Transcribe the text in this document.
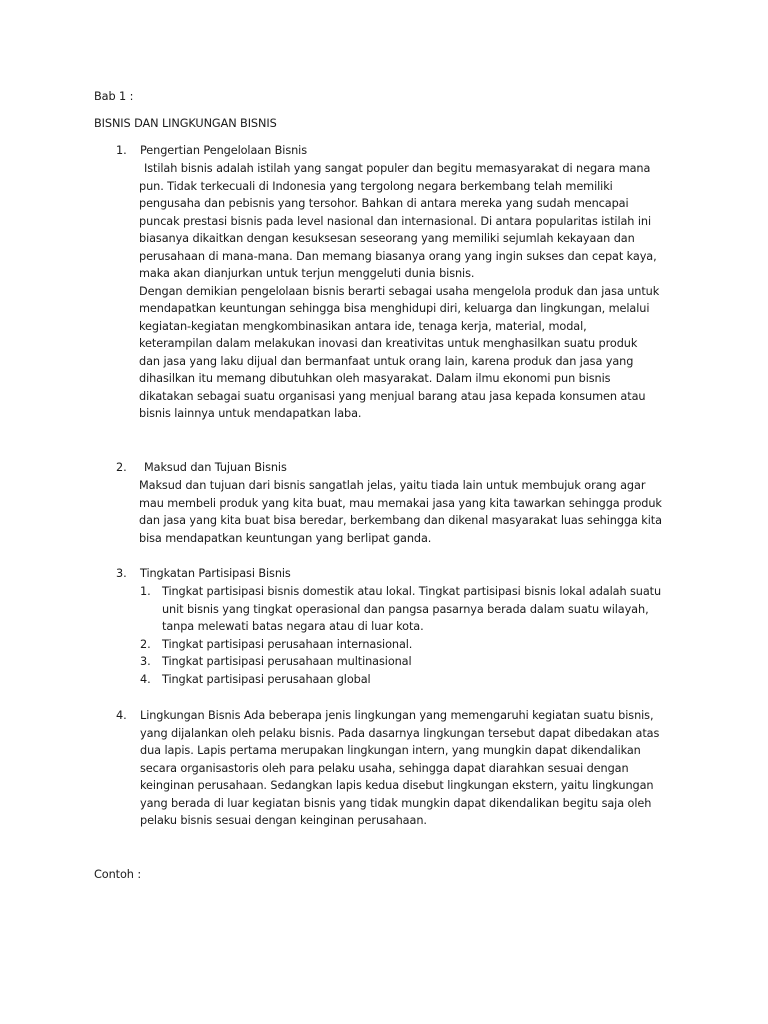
Bab 1 :
BISNIS DAN LINGKUNGAN BISNIS
1. Pengertian Pengelolaan Bisnis
Istilah bisnis adalah istilah yang sangat populer dan begitu memasyarakat di negara mana
pun. Tidak terkecuali di Indonesia yang tergolong negara berkembang telah memiliki
pengusaha dan pebisnis yang tersohor. Bahkan di antara mereka yang sudah mencapai
puncak prestasi bisnis pada level nasional dan internasional. Di antara popularitas istilah ini
biasanya dikaitkan dengan kesuksesan seseorang yang memiliki sejumlah kekayaan dan
perusahaan di mana-mana. Dan memang biasanya orang yang ingin sukses dan cepat kaya,
maka akan dianjurkan untuk terjun menggeluti dunia bisnis.
Dengan demikian pengelolaan bisnis berarti sebagai usaha mengelola produk dan jasa untuk
mendapatkan keuntungan sehingga bisa menghidupi diri, keluarga dan lingkungan, melalui
kegiatan-kegiatan mengkombinasikan antara ide, tenaga kerja, material, modal,
keterampilan dalam melakukan inovasi dan kreativitas untuk menghasilkan suatu produk
dan jasa yang laku dijual dan bermanfaat untuk orang lain, karena produk dan jasa yang
dihasilkan itu memang dibutuhkan oleh masyarakat. Dalam ilmu ekonomi pun bisnis
dikatakan sebagai suatu organisasi yang menjual barang atau jasa kepada konsumen atau
bisnis lainnya untuk mendapatkan laba.
2.	Maksud dan Tujuan Bisnis
Maksud dan tujuan dari bisnis sangatlah jelas, yaitu tiada lain untuk membujuk orang agar
mau membeli produk yang kita buat, mau memakai jasa yang kita tawarkan sehingga produk
dan jasa yang kita buat bisa beredar, berkembang dan dikenal masyarakat luas sehingga kita
bisa mendapatkan keuntungan yang berlipat ganda.
3. Tingkatan Partisipasi Bisnis
1. Tingkat partisipasi bisnis domestik atau lokal. Tingkat partisipasi bisnis lokal adalah suatu
unit bisnis yang tingkat operasional dan pangsa pasarnya berada dalam suatu wilayah,
tanpa melewati batas negara atau di luar kota.
2. Tingkat partisipasi perusahaan internasional.
3. Tingkat partisipasi perusahaan multinasional
4. Tingkat partisipasi perusahaan global
4. Lingkungan Bisnis Ada beberapa jenis lingkungan yang memengaruhi kegiatan suatu bisnis,
yang dijalankan oleh pelaku bisnis. Pada dasarnya lingkungan tersebut dapat dibedakan atas
dua lapis. Lapis pertama merupakan lingkungan intern, yang mungkin dapat dikendalikan
secara organisastoris oleh para pelaku usaha, sehingga dapat diarahkan sesuai dengan
keinginan perusahaan. Sedangkan lapis kedua disebut lingkungan ekstern, yaitu lingkungan
yang berada di luar kegiatan bisnis yang tidak mungkin dapat dikendalikan begitu saja oleh
pelaku bisnis sesuai dengan keinginan perusahaan.
Contoh :
